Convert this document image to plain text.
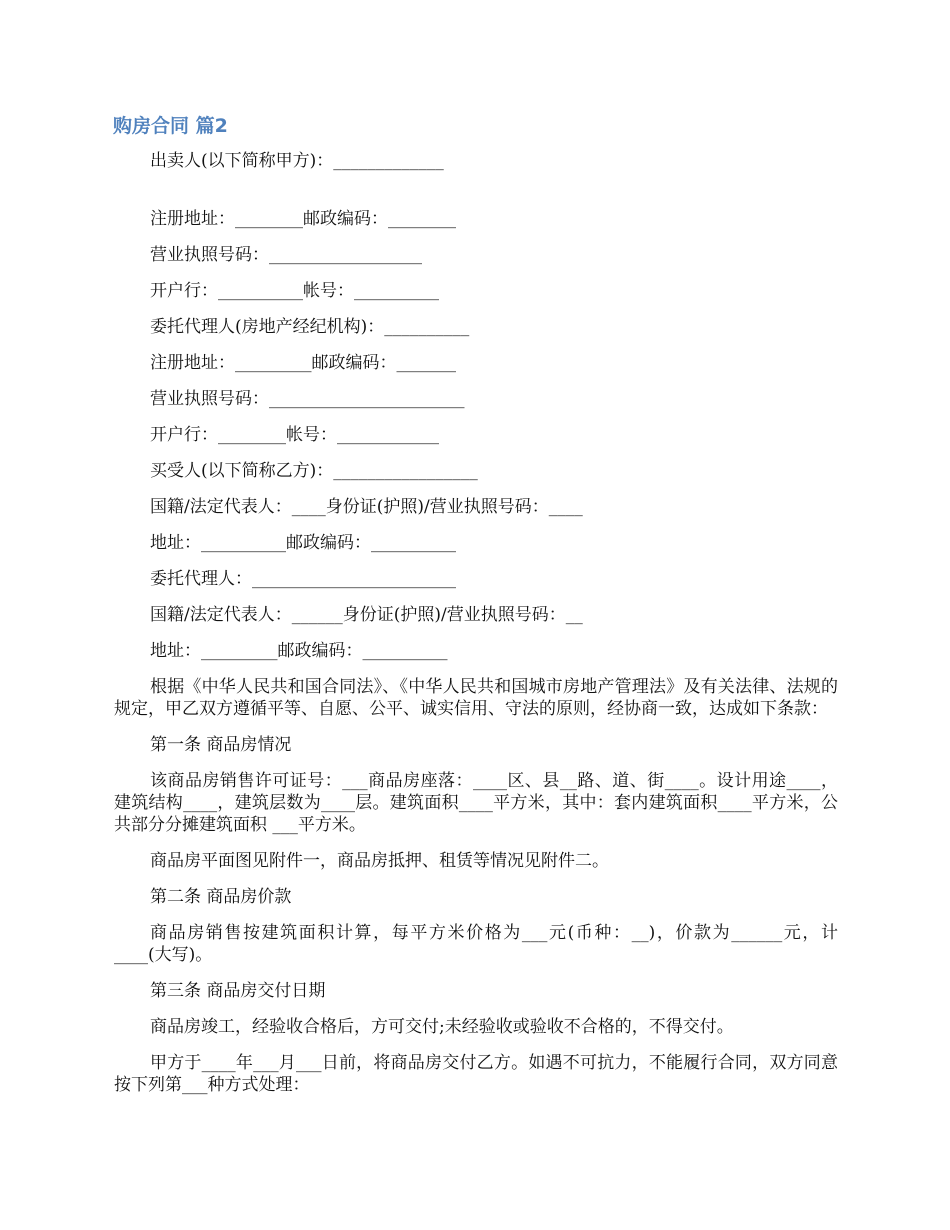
购房合同 篇2

出卖人(以下简称甲方)：_____________

注册地址：________邮政编码：________

营业执照号码：__________________

开户行：__________帐号：__________

委托代理人(房地产经纪机构)：__________

注册地址：_________邮政编码：_______

营业执照号码：_______________________

开户行：________帐号：____________

买受人(以下简称乙方)：_________________

国籍/法定代表人：____身份证(护照)/营业执照号码：____

地址：__________邮政编码：__________

委托代理人：________________________

国籍/法定代表人：______身份证(护照)/营业执照号码：__

地址：_________邮政编码：__________

根据《中华人民共和国合同法》、《中华人民共和国城市房地产管理法》及有关法律、法规的规定，甲乙双方遵循平等、自愿、公平、诚实信用、守法的原则，经协商一致，达成如下条款：

第一条 商品房情况

该商品房销售许可证号：___商品房座落：____区、县__路、道、街____。设计用途____，建筑结构____，建筑层数为____层。建筑面积____平方米，其中：套内建筑面积____平方米，公共部分分摊建筑面积 ___平方米。

商品房平面图见附件一，商品房抵押、租赁等情况见附件二。

第二条 商品房价款

商品房销售按建筑面积计算，每平方米价格为___元(币种：__)，价款为______元，计____(大写)。

第三条 商品房交付日期

商品房竣工，经验收合格后，方可交付;未经验收或验收不合格的，不得交付。

甲方于____年___月___日前，将商品房交付乙方。如遇不可抗力，不能履行合同，双方同意按下列第___种方式处理：
